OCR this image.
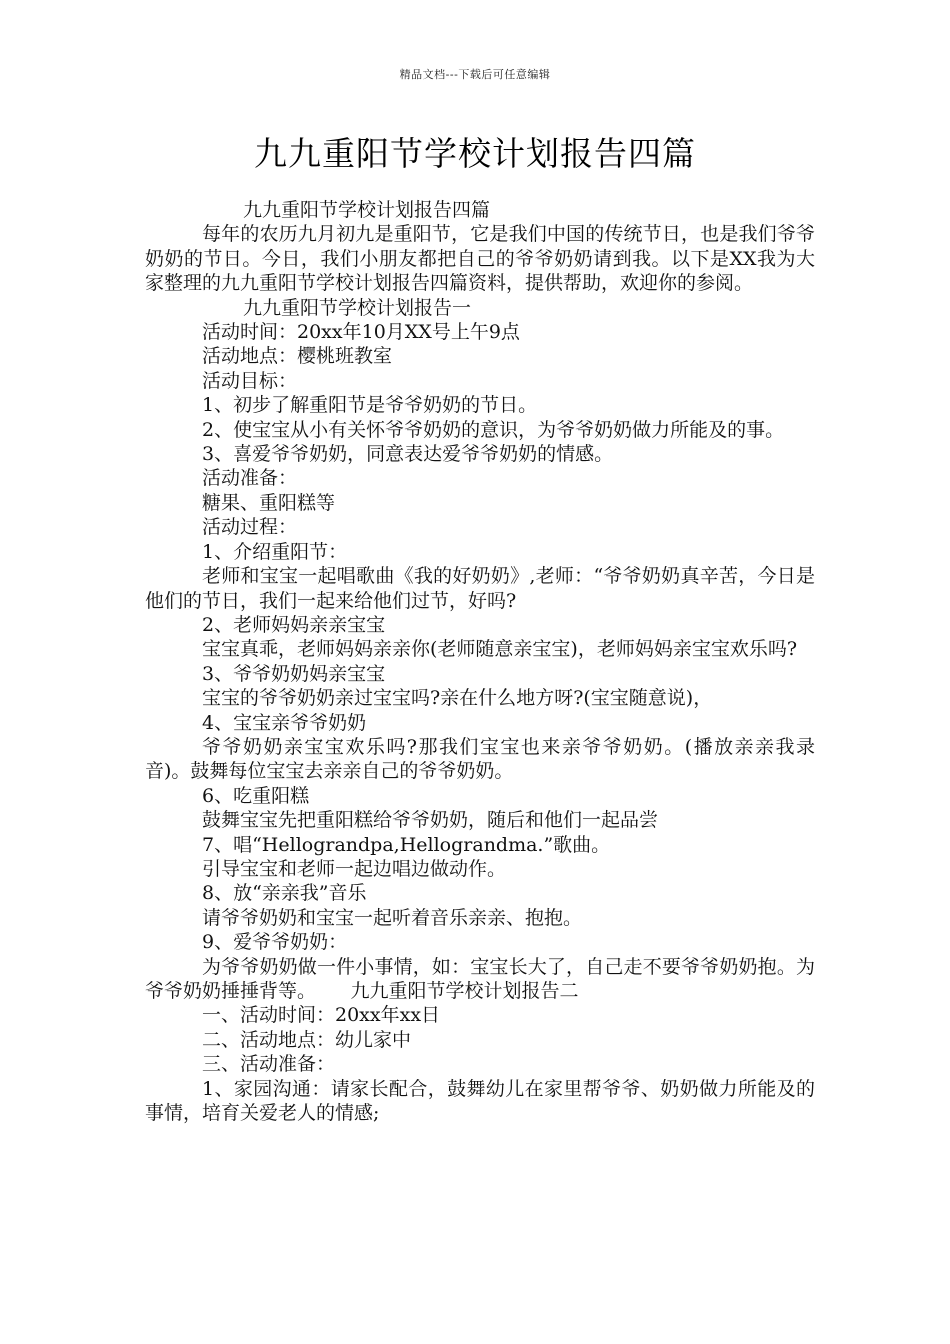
精品文档---下载后可任意编辑
九九重阳节学校计划报告四篇

九九重阳节学校计划报告四篇

每年的农历九月初九是重阳节，它是我们中国的传统节日，也是我们爷爷奶奶的节日。今日，我们小朋友都把自己的爷爷奶奶请到我。以下是XX我为大家整理的九九重阳节学校计划报告四篇资料，提供帮助，欢迎你的参阅。

九九重阳节学校计划报告一

活动时间：20xx年10月XX号上午9点

活动地点：樱桃班教室

活动目标：

1、初步了解重阳节是爷爷奶奶的节日。

2、使宝宝从小有关怀爷爷奶奶的意识，为爷爷奶奶做力所能及的事。

3、喜爱爷爷奶奶，同意表达爱爷爷奶奶的情感。

活动准备：

糖果、重阳糕等

活动过程：

1、介绍重阳节：

老师和宝宝一起唱歌曲《我的好奶奶》,老师：“爷爷奶奶真辛苦，今日是他们的节日，我们一起来给他们过节，好吗?

2、老师妈妈亲亲宝宝

宝宝真乖，老师妈妈亲亲你(老师随意亲宝宝)，老师妈妈亲宝宝欢乐吗?

3、爷爷奶奶妈亲宝宝

宝宝的爷爷奶奶亲过宝宝吗?亲在什么地方呀?(宝宝随意说)，

4、宝宝亲爷爷奶奶

爷爷奶奶亲宝宝欢乐吗?那我们宝宝也来亲爷爷奶奶。(播放亲亲我录音)。鼓舞每位宝宝去亲亲自己的爷爷奶奶。

6、吃重阳糕

鼓舞宝宝先把重阳糕给爷爷奶奶，随后和他们一起品尝

7、唱“Hellograndpa,Hellograndma.”歌曲。

引导宝宝和老师一起边唱边做动作。

8、放“亲亲我”音乐

请爷爷奶奶和宝宝一起听着音乐亲亲、抱抱。

9、爱爷爷奶奶：

为爷爷奶奶做一件小事情，如：宝宝长大了，自己走不要爷爷奶奶抱。为爷爷奶奶捶捶背等。　　 九九重阳节学校计划报告二

一、活动时间：20xx年xx日

二、活动地点：幼儿家中

三、活动准备：

1、家园沟通：请家长配合，鼓舞幼儿在家里帮爷爷、奶奶做力所能及的事情，培育关爱老人的情感;
